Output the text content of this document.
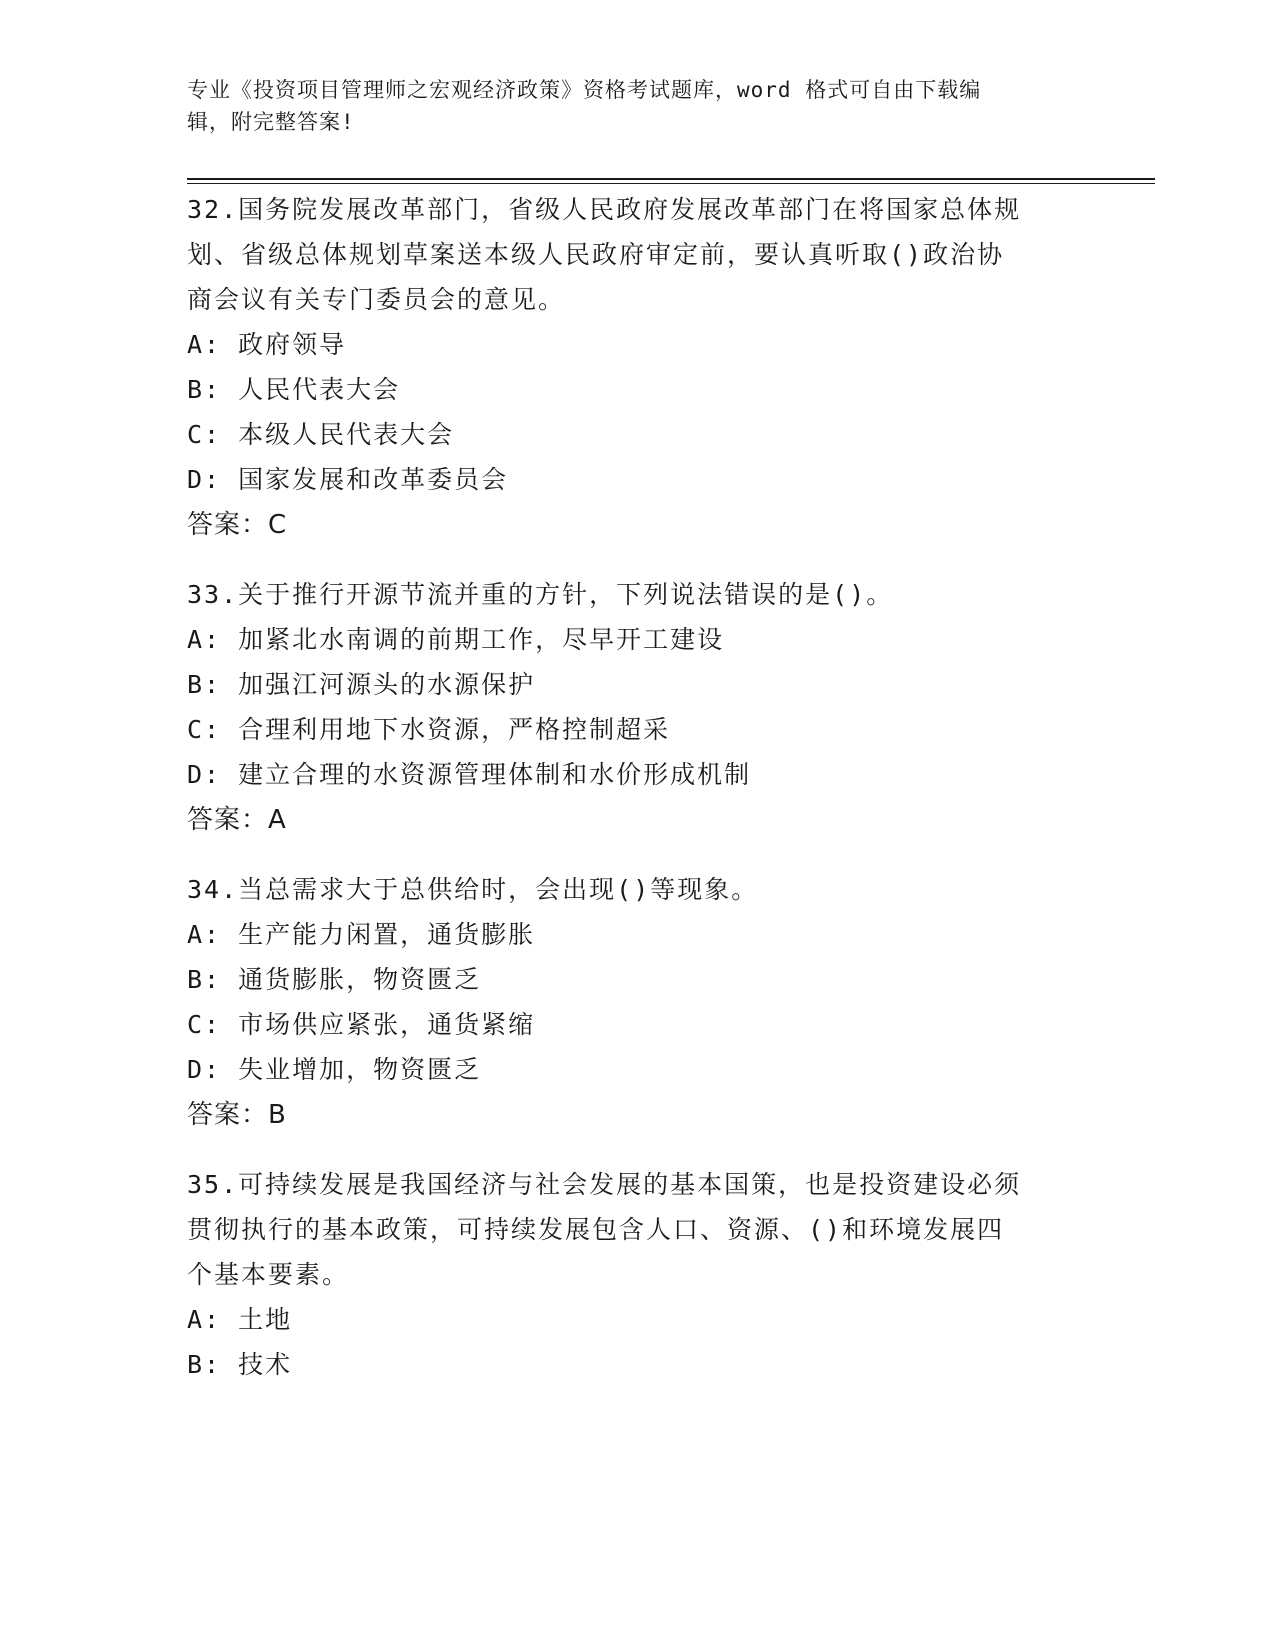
专业《投资项目管理师之宏观经济政策》资格考试题库，word 格式可自由下载编
辑，附完整答案!

32.国务院发展改革部门，省级人民政府发展改革部门在将国家总体规
划、省级总体规划草案送本级人民政府审定前，要认真听取()政治协
商会议有关专门委员会的意见。

A: 政府领导

B: 人民代表大会

C: 本级人民代表大会

D: 国家发展和改革委员会

答案：C

33.关于推行开源节流并重的方针，下列说法错误的是()。

A: 加紧北水南调的前期工作，尽早开工建设

B: 加强江河源头的水源保护

C: 合理利用地下水资源，严格控制超采

D: 建立合理的水资源管理体制和水价形成机制

答案：A

34.当总需求大于总供给时，会出现()等现象。

A: 生产能力闲置，通货膨胀

B: 通货膨胀，物资匮乏

C: 市场供应紧张，通货紧缩

D: 失业增加，物资匮乏

答案：B

35.可持续发展是我国经济与社会发展的基本国策，也是投资建设必须
贯彻执行的基本政策，可持续发展包含人口、资源、()和环境发展四
个基本要素。

A: 土地

B: 技术
